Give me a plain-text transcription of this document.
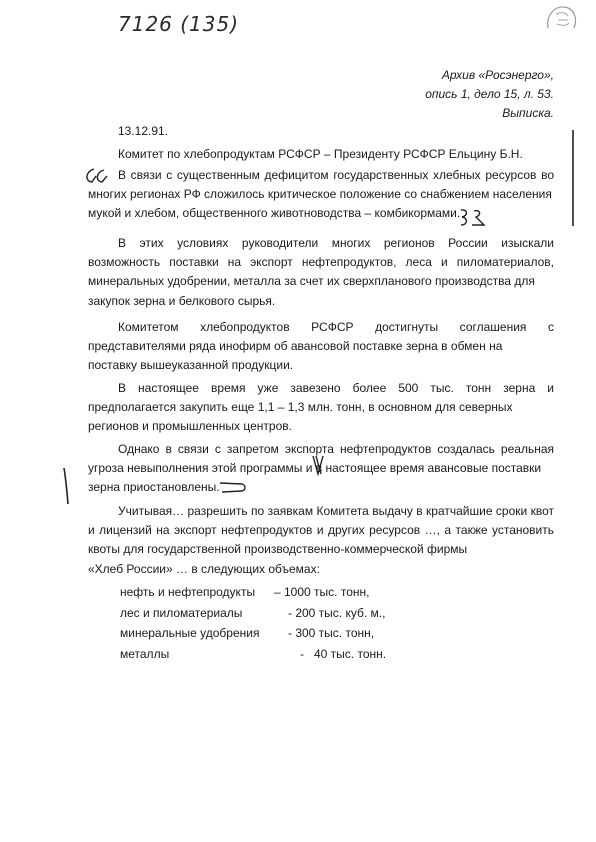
7126 (135)
Архив «Росэнерго»,
опись 1, дело 15, л. 53.
Выписка.
13.12.91.
Комитет по хлебопродуктам РСФСР – Президенту РСФСР Ельцину Б.Н.
В связи с существенным дефицитом государственных хлебных ресурсов во многих регионах РФ сложилось критическое положение со снабжением населения
мукой и хлебом, общественного животноводства – комбикормами.
В этих условиях руководители многих регионов России изыскали возможность поставки на экспорт нефтепродуктов, леса и пиломатериалов, минеральных удобрении, металла за счет их сверхпланового производства для
закупок зерна и белкового сырья.
Комитетом хлебопродуктов РСФСР достигнуты соглашения с представителями ряда инофирм об авансовой поставке зерна в обмен на
поставку вышеуказанной продукции.
В настоящее время уже завезено более 500 тыс. тонн зерна и предполагается закупить еще 1,1 – 1,3 млн. тонн, в основном для северных
регионов и промышленных центров.
Однако в связи с запретом экспорта нефтепродуктов создалась реальная угроза невыполнения этой программы и в настоящее время авансовые поставки
зерна приостановлены.
Учитывая… разрешить по заявкам Комитета выдачу в кратчайшие сроки квот и лицензий на экспорт нефтепродуктов и других ресурсов …, а также установить квоты для государственной производственно-коммерческой фирмы
«Хлеб России» … в следующих объемах:
нефть и нефтепродукты – 1000 тыс. тонн,
лес и пиломатериалы	- 200 тыс. куб. м.,
минеральные удобрения - 300 тыс. тонн,
металлы	-   40 тыс. тонн.
